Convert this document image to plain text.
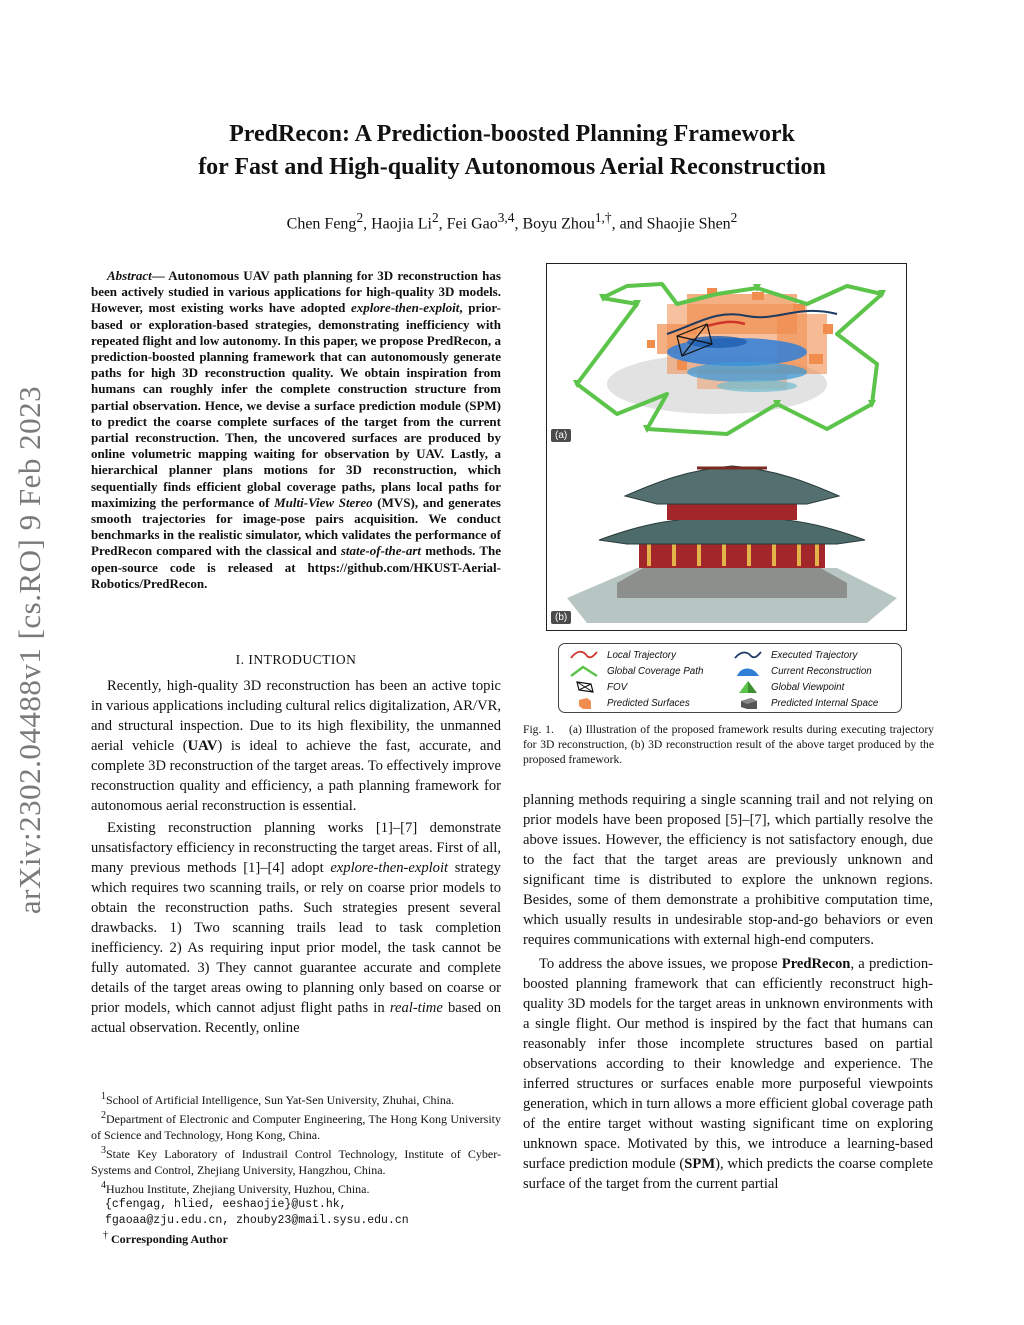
PredRecon: A Prediction-boosted Planning Framework
for Fast and High-quality Autonomous Aerial Reconstruction
Chen Feng$^2$, Haojia Li$^2$, Fei Gao$^{3,4}$, Boyu Zhou$^{1,\dagger}$, and Shaojie Shen$^2$
arXiv:2302.04488v1 [cs.RO] 9 Feb 2023
Abstract— Autonomous UAV path planning for 3D reconstruction has been actively studied in various applications for high-quality 3D models. However, most existing works have adopted explore-then-exploit, prior-based or exploration-based strategies, demonstrating inefficiency with repeated flight and low autonomy. In this paper, we propose PredRecon, a prediction-boosted planning framework that can autonomously generate paths for high 3D reconstruction quality. We obtain inspiration from humans can roughly infer the complete construction structure from partial observation. Hence, we devise a surface prediction module (SPM) to predict the coarse complete surfaces of the target from the current partial reconstruction. Then, the uncovered surfaces are produced by online volumetric mapping waiting for observation by UAV. Lastly, a hierarchical planner plans motions for 3D reconstruction, which sequentially finds efficient global coverage paths, plans local paths for maximizing the performance of Multi-View Stereo (MVS), and generates smooth trajectories for image-pose pairs acquisition. We conduct benchmarks in the realistic simulator, which validates the performance of PredRecon compared with the classical and state-of-the-art methods. The open-source code is released at https://github.com/HKUST-Aerial-Robotics/PredRecon.
I. INTRODUCTION

Recently, high-quality 3D reconstruction has been an active topic in various applications including cultural relics digitalization, AR/VR, and structural inspection. Due to its high flexibility, the unmanned aerial vehicle (UAV) is ideal to achieve the fast, accurate, and complete 3D reconstruction of the target areas. To effectively improve reconstruction quality and efficiency, a path planning framework for autonomous aerial reconstruction is essential.

Existing reconstruction planning works [1]–[7] demonstrate unsatisfactory efficiency in reconstructing the target areas. First of all, many previous methods [1]–[4] adopt explore-then-exploit strategy which requires two scanning trails, or rely on coarse prior models to obtain the reconstruction paths. Such strategies present several drawbacks. 1) Two scanning trails lead to task completion inefficiency. 2) As requiring input prior model, the task cannot be fully automated. 3) They cannot guarantee accurate and complete details of the target areas owing to planning only based on coarse or prior models, which cannot adjust flight paths in real-time based on actual observation. Recently, online

$^1$School of Artificial Intelligence, Sun Yat-Sen University, Zhuhai, China.
$^2$Department of Electronic and Computer Engineering, The Hong Kong University of Science and Technology, Hong Kong, China.
$^3$State Key Laboratory of Industrail Control Technology, Institute of Cyber-Systems and Control, Zhejiang University, Hangzhou, China.
$^4$Huzhou Institute, Zhejiang University, Huzhou, China.
{cfengag, hlied, eeshaojie}@ust.hk,
fgaoaa@zju.edu.cn, zhouby23@mail.sysu.edu.cn
† Corresponding Author
(a)
(b)
Local Trajectory	Executed Trajectory
Global Coverage Path	Current Reconstruction
FOV	Global Viewpoint
Predicted Surfaces	Predicted Internal Space
Fig. 1. (a) Illustration of the proposed framework results during executing trajectory for 3D reconstruction, (b) 3D reconstruction result of the above target produced by the proposed framework.

planning methods requiring a single scanning trail and not relying on prior models have been proposed [5]–[7], which partially resolve the above issues. However, the efficiency is not satisfactory enough, due to the fact that the target areas are previously unknown and significant time is distributed to explore the unknown regions. Besides, some of them demonstrate a prohibitive computation time, which usually results in undesirable stop-and-go behaviors or even requires communications with external high-end computers.

To address the above issues, we propose PredRecon, a prediction-boosted planning framework that can efficiently reconstruct high-quality 3D models for the target areas in unknown environments with a single flight. Our method is inspired by the fact that humans can reasonably infer those incomplete structures based on partial observations according to their knowledge and experience. The inferred structures or surfaces enable more purposeful viewpoints generation, which in turn allows a more efficient global coverage path of the entire target without wasting significant time on exploring unknown space. Motivated by this, we introduce a learning-based surface prediction module (SPM), which predicts the coarse complete surface of the target from the current partial
